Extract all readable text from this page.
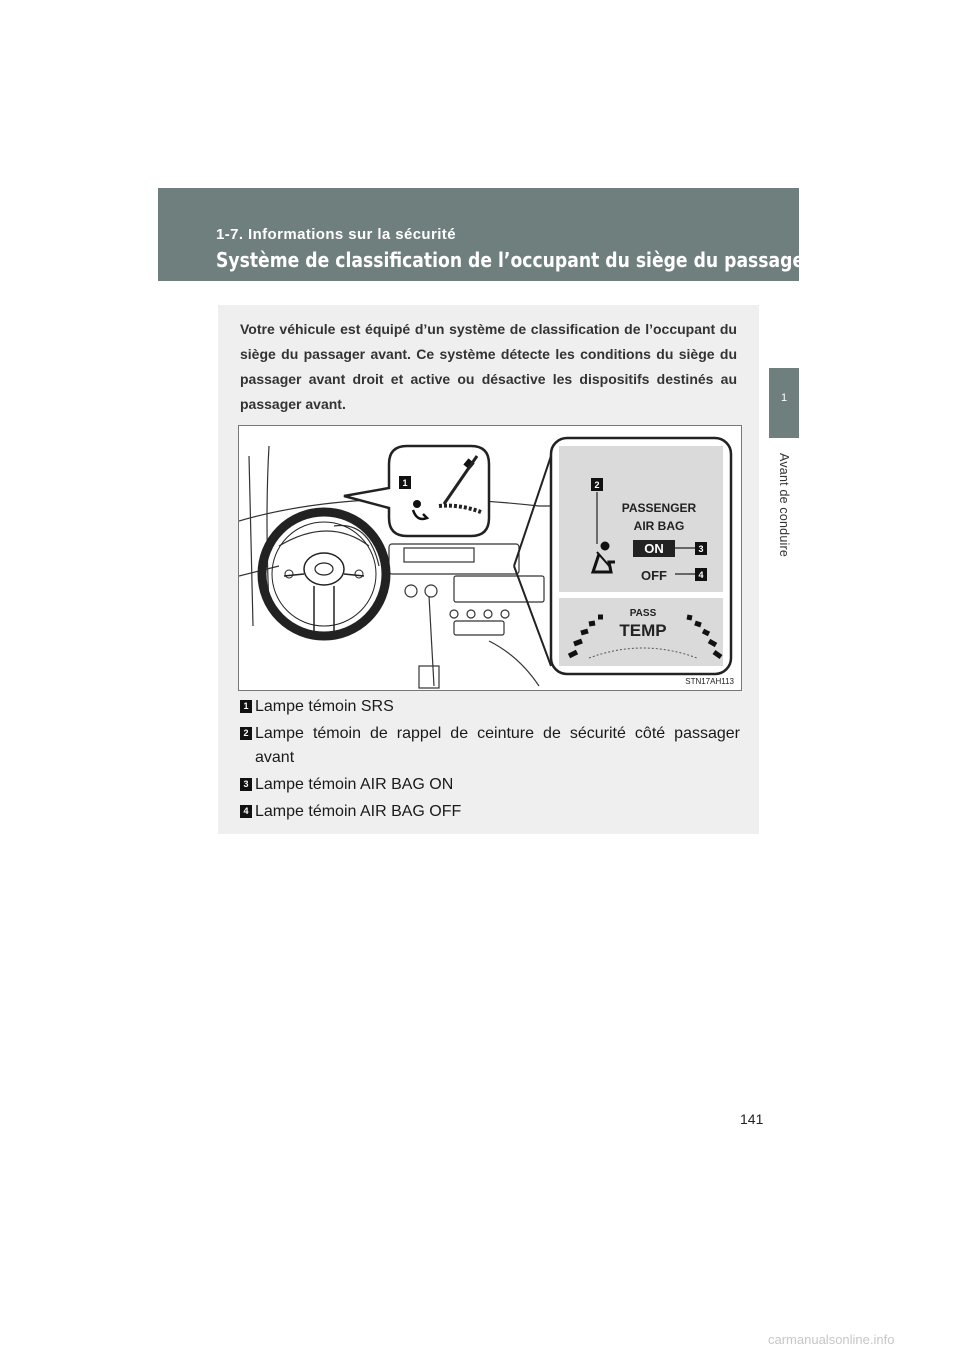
1-7. Informations sur la sécurité
Système de classification de l’occupant du siège du passager avant
1
Avant de conduire
Votre véhicule est équipé d’un système de classification de l’occupant du siège du passager avant. Ce système détecte les conditions du siège du passager avant droit et active ou désactive les dispositifs destinés au passager avant.
1	2
PASSENGER
AIR BAG
ON	3
OFF	4
PASS
TEMP
STN17AH113
1 Lampe témoin SRS
2 Lampe témoin de rappel de ceinture de sécurité côté passager avant
3 Lampe témoin AIR BAG ON
4 Lampe témoin AIR BAG OFF
141
carmanualsonline.info
